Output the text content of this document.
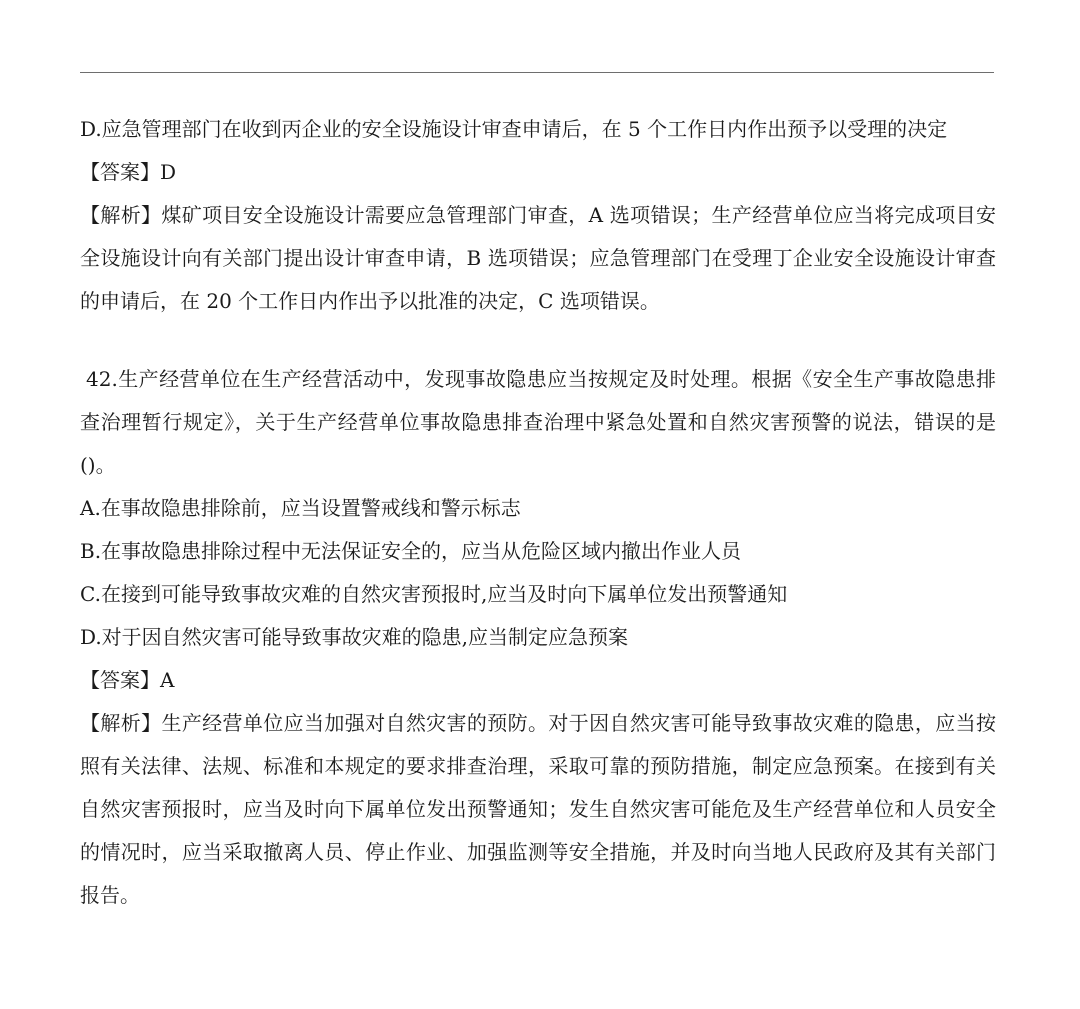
D.应急管理部门在收到丙企业的安全设施设计审查申请后，在 5 个工作日内作出预予以受理的决定

【答案】D

【解析】煤矿项目安全设施设计需要应急管理部门审查，A 选项错误；生产经营单位应当将完成项目安全设施设计向有关部门提出设计审查申请，B 选项错误；应急管理部门在受理丁企业安全设施设计审查的申请后，在 20 个工作日内作出予以批准的决定，C 选项错误。

42.生产经营单位在生产经营活动中，发现事故隐患应当按规定及时处理。根据《安全生产事故隐患排查治理暂行规定》，关于生产经营单位事故隐患排查治理中紧急处置和自然灾害预警的说法，错误的是()。

A.在事故隐患排除前，应当设置警戒线和警示标志

B.在事故隐患排除过程中无法保证安全的，应当从危险区域内撤出作业人员

C.在接到可能导致事故灾难的自然灾害预报时,应当及时向下属单位发出预警通知

D.对于因自然灾害可能导致事故灾难的隐患,应当制定应急预案

【答案】A

【解析】生产经营单位应当加强对自然灾害的预防。对于因自然灾害可能导致事故灾难的隐患，应当按照有关法律、法规、标准和本规定的要求排查治理，采取可靠的预防措施，制定应急预案。在接到有关自然灾害预报时，应当及时向下属单位发出预警通知；发生自然灾害可能危及生产经营单位和人员安全的情况时，应当采取撤离人员、停止作业、加强监测等安全措施，并及时向当地人民政府及其有关部门报告。
